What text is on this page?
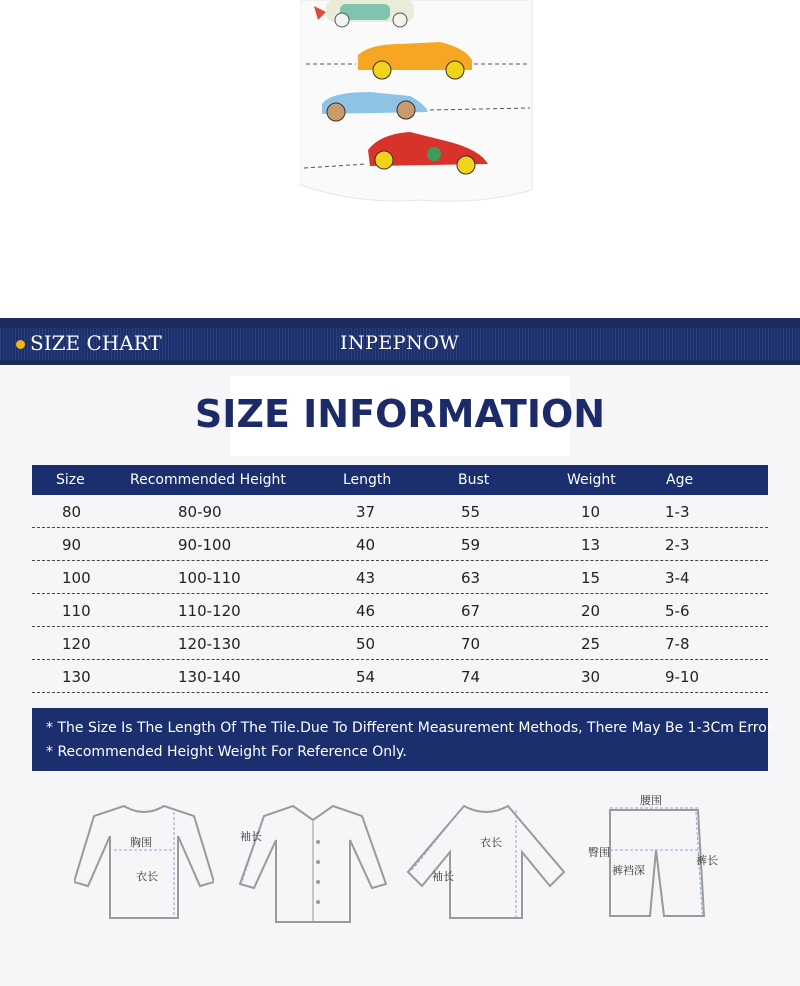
SIZE CHART	INPEPNOW
SIZE INFORMATION
Size	Recommended Height	Length	Bust	Weight	Age
80	80-90	37	55	10	1-3
90	90-100	40	59	13	2-3
100	100-110	43	63	15	3-4
110	110-120	46	67	20	5-6
120	120-130	50	70	25	7-8
130	130-140	54	74	30	9-10
* The Size Is The Length Of The Tile.Due To Different Measurement Methods, There May Be 1-3Cm Error.
* Recommended Height Weight For Reference Only.
胸围
衣长
袖长	衣长
袖长
腰围
臀围
裤裆深
裤长
